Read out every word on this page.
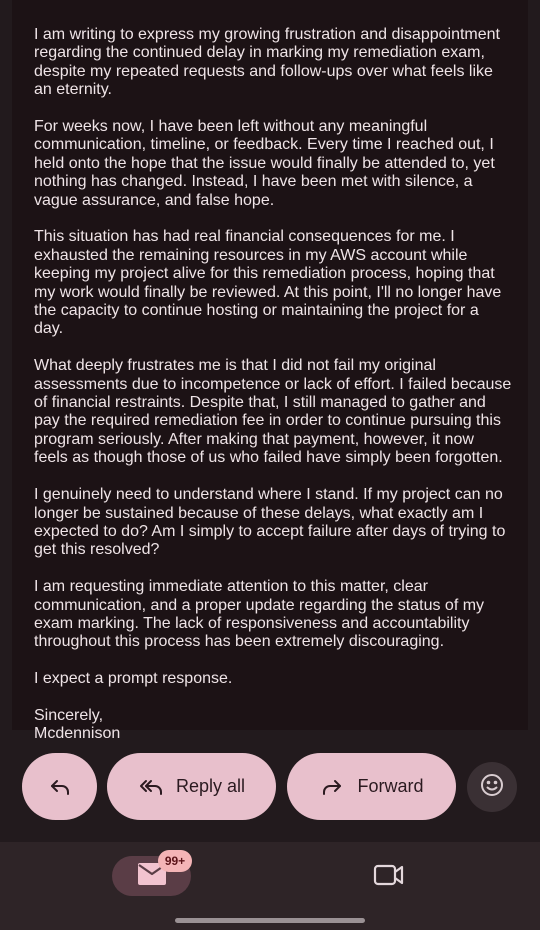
I am writing to express my growing frustration and disappointment regarding the continued delay in marking my remediation exam, despite my repeated requests and follow-ups over what feels like an eternity.

For weeks now, I have been left without any meaningful communication, timeline, or feedback. Every time I reached out, I held onto the hope that the issue would finally be attended to, yet nothing has changed. Instead, I have been met with silence, a vague assurance, and false hope.

This situation has had real financial consequences for me. I exhausted the remaining resources in my AWS account while keeping my project alive for this remediation process, hoping that my work would finally be reviewed. At this point, I'll no longer have the capacity to continue hosting or maintaining the project for a day.

What deeply frustrates me is that I did not fail my original assessments due to incompetence or lack of effort. I failed because of financial restraints. Despite that, I still managed to gather and pay the required remediation fee in order to continue pursuing this program seriously. After making that payment, however, it now feels as though those of us who failed have simply been forgotten.

I genuinely need to understand where I stand. If my project can no longer be sustained because of these delays, what exactly am I expected to do? Am I simply to accept failure after days of trying to get this resolved?

I am requesting immediate attention to this matter, clear communication, and a proper update regarding the status of my exam marking. The lack of responsiveness and accountability throughout this process has been extremely discouraging.

I expect a prompt response.

Sincerely,

Mcdennison

Reply all	Forward
99+
